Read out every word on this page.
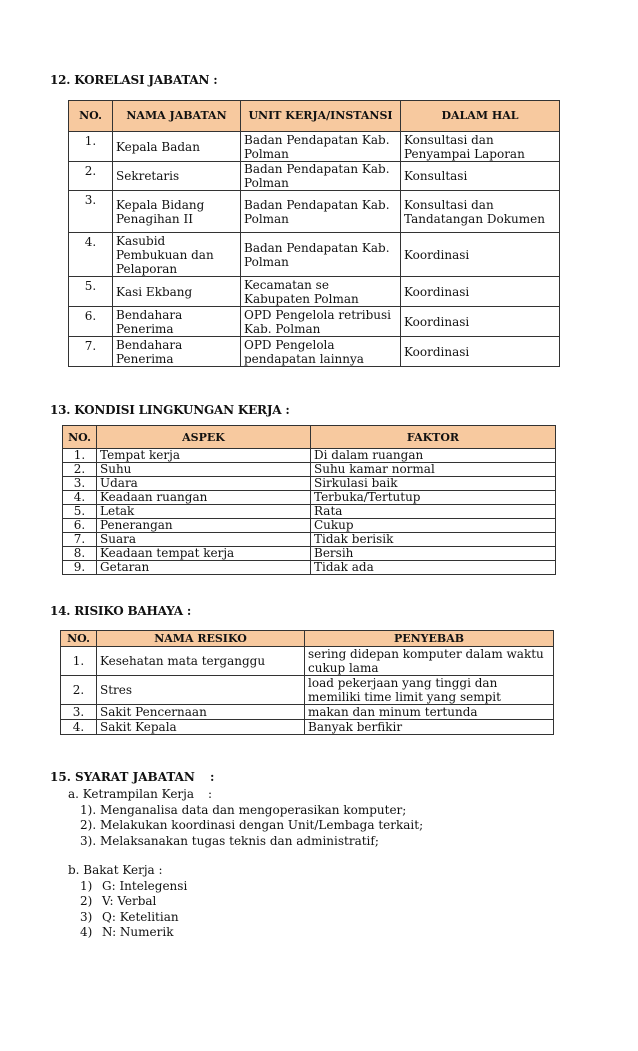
12. KORELASI JABATAN :
NO.	NAMA JABATAN	UNIT KERJA/INSTANSI	DALAM HAL
1.	Kepala Badan	Badan Pendapatan Kab. Polman	Konsultasi dan Penyampai Laporan
2.	Sekretaris	Badan Pendapatan Kab. Polman	Konsultasi
3.	Kepala Bidang Penagihan II	Badan Pendapatan Kab. Polman	Konsultasi dan Tandatangan Dokumen
4.	Kasubid Pembukuan dan Pelaporan	Badan Pendapatan Kab. Polman	Koordinasi
5.	Kasi Ekbang	Kecamatan se Kabupaten Polman	Koordinasi
6.	Bendahara Penerima	OPD Pengelola retribusi Kab. Polman	Koordinasi
7.	Bendahara Penerima	OPD Pengelola pendapatan lainnya	Koordinasi
13. KONDISI LINGKUNGAN KERJA :
NO.	ASPEK	FAKTOR
1.	Tempat kerja	Di dalam ruangan
2.	Suhu	Suhu kamar normal
3.	Udara	Sirkulasi baik
4.	Keadaan ruangan	Terbuka/Tertutup
5.	Letak	Rata
6.	Penerangan	Cukup
7.	Suara	Tidak berisik
8.	Keadaan tempat kerja	Bersih
9.	Getaran	Tidak ada
14. RISIKO BAHAYA :
NO.	NAMA RESIKO	PENYEBAB
1.	Kesehatan mata terganggu	sering didepan komputer dalam waktu cukup lama
2.	Stres	load pekerjaan yang tinggi dan memiliki time limit yang sempit
3.	Sakit Pencernaan	makan dan minum tertunda
4.	Sakit Kepala	Banyak berfikir

15. SYARAT JABATAN :

a. Ketrampilan Kerja :
1). Menganalisa data dan mengoperasikan komputer;
2). Melakukan koordinasi dengan Unit/Lembaga terkait;
3). Melaksanakan tugas teknis dan administratif;
b. Bakat Kerja :
1) G: Intelegensi
2) V: Verbal
3) Q: Ketelitian
4) N: Numerik
